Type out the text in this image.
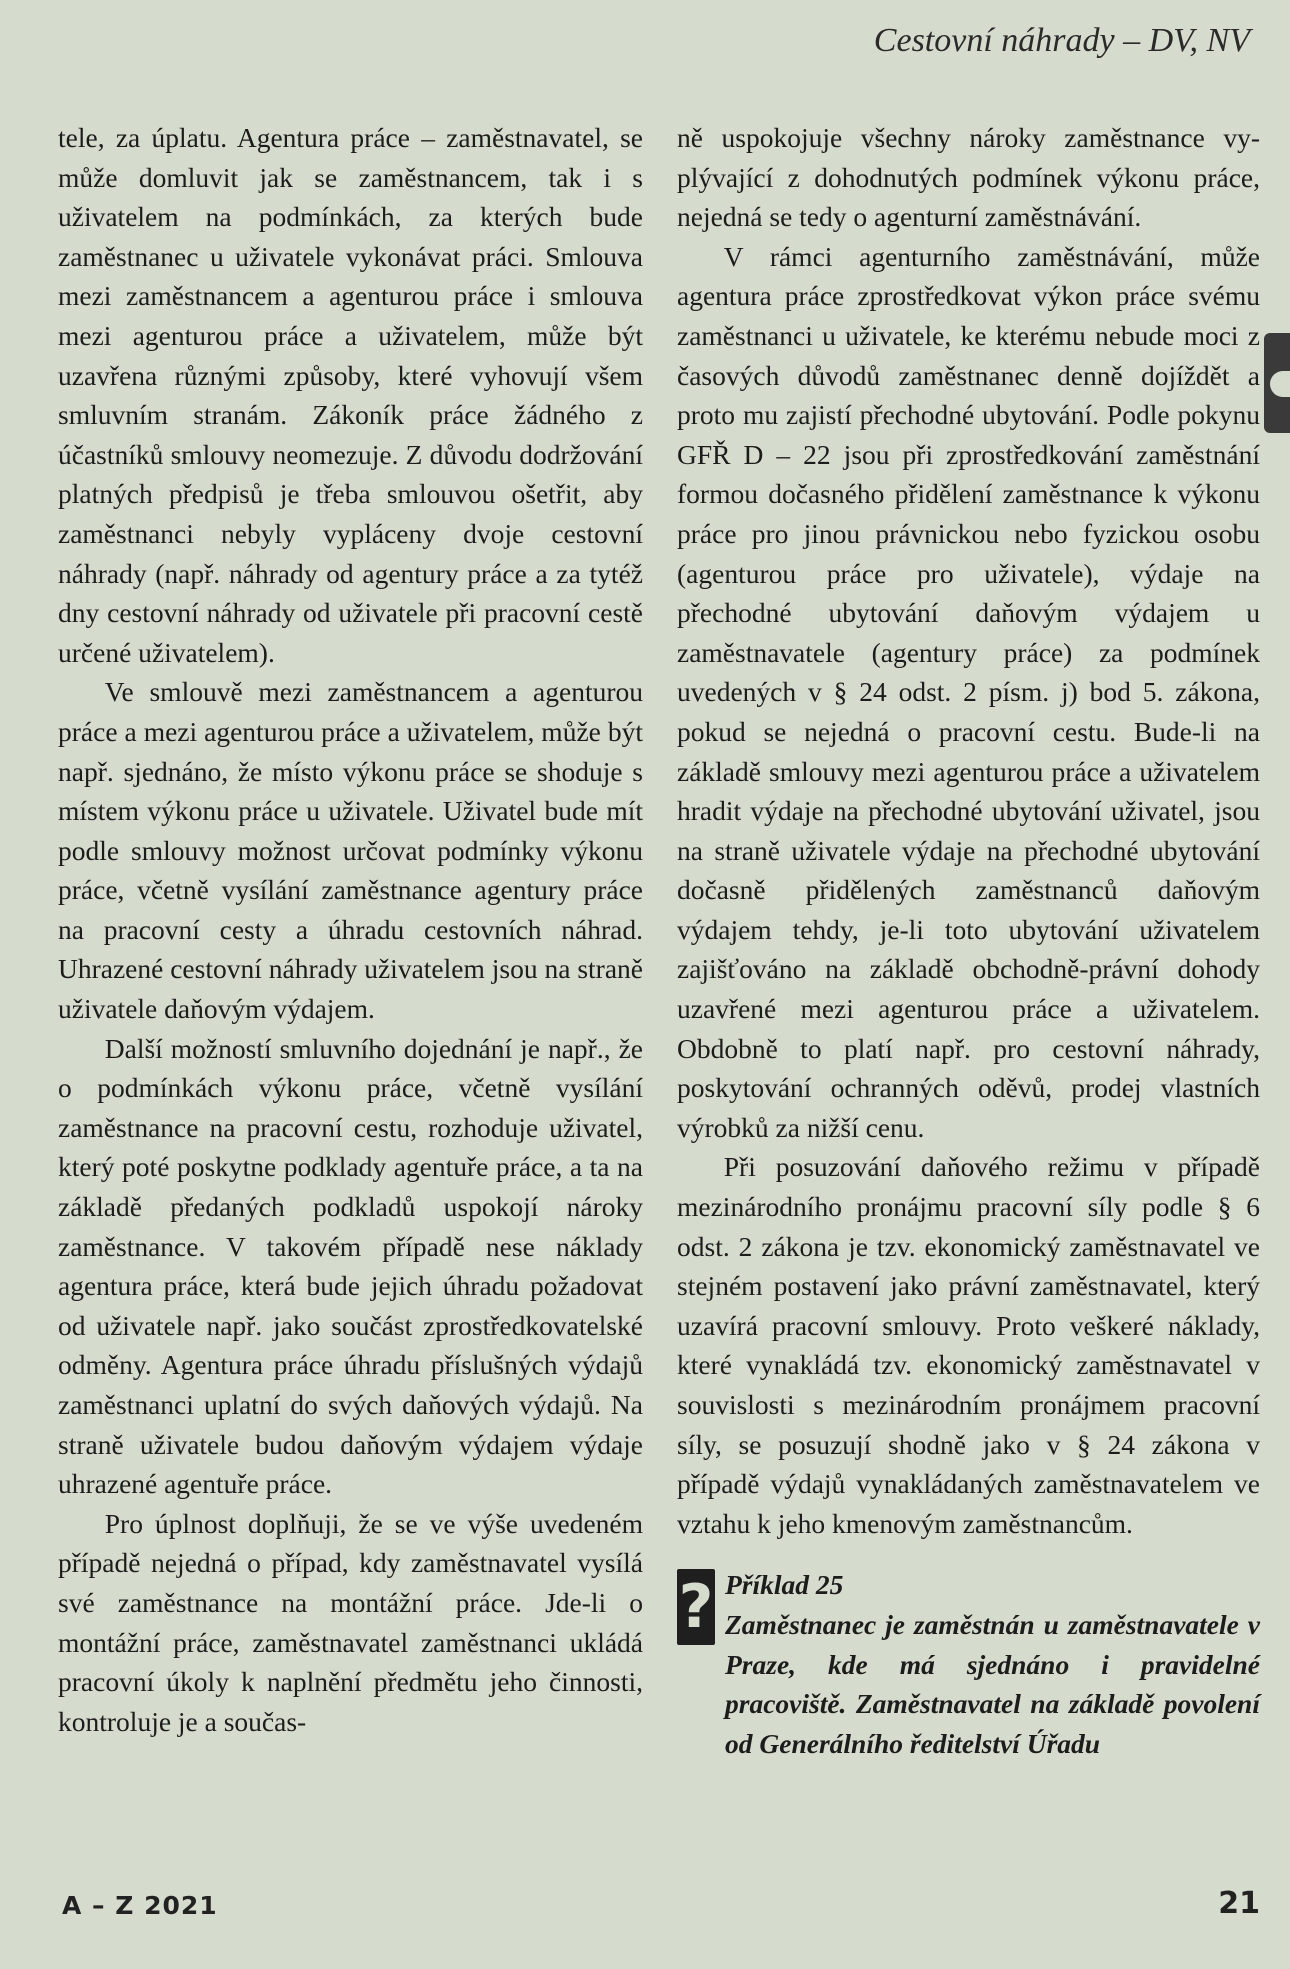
Cestovní náhrady – DV, NV

tele, za úplatu. Agentura práce – zaměstnavatel, se může domluvit jak se zaměstnancem, tak i s uživatelem na podmínkách, za kterých bude zaměstnanec u uživatele vykonávat práci. Smlouva mezi zaměstnancem a agenturou práce i smlouva mezi agenturou práce a uživatelem, může být uzavřena různými způsoby, které vyhovují všem smluvním stranám. Zákoník práce žádného z účastníků smlouvy neomezuje. Z důvodu dodržování platných předpisů je třeba smlouvou ošetřit, aby zaměstnanci nebyly vypláceny dvoje cestovní náhrady (např. náhrady od agentury práce a za tytéž dny cestovní náhrady od uživatele při pracovní cestě určené uživatelem).

Ve smlouvě mezi zaměstnancem a agenturou práce a mezi agenturou práce a uživatelem, může být např. sjednáno, že místo výkonu práce se shoduje s místem výkonu práce u uživatele. Uživatel bude mít podle smlouvy možnost určovat podmínky výkonu práce, včetně vysílání zaměstnance agentury práce na pracovní cesty a úhradu cestovních náhrad. Uhrazené cestovní náhrady uživatelem jsou na straně uživatele daňovým výdajem.

Další možností smluvního dojednání je např., že o podmínkách výkonu práce, včetně vysílání zaměstnance na pracovní cestu, rozhoduje uživatel, který poté poskytne podklady agentuře práce, a ta na základě předaných podkladů uspokojí nároky zaměstnance. V takovém případě nese náklady agentura práce, která bude jejich úhradu požadovat od uživatele např. jako součást zprostředkovatelské odměny. Agentura práce úhradu příslušných výdajů zaměstnanci uplatní do svých daňových výdajů. Na straně uživatele budou daňovým výdajem výdaje uhrazené agentuře práce.

Pro úplnost doplňuji, že se ve výše uvedeném případě nejedná o případ, kdy zaměstnavatel vysílá své zaměstnance na montážní práce. Jde-li o montážní práce, zaměstnavatel zaměstnanci ukládá pracovní úkoly k naplnění předmětu jeho činnosti, kontroluje je a součas-

ně uspokojuje všechny nároky zaměstnance vyplývající z dohodnutých podmínek výkonu práce, nejedná se tedy o agenturní zaměstnávání.

V rámci agenturního zaměstnávání, může agentura práce zprostředkovat výkon práce svému zaměstnanci u uživatele, ke kterému nebude moci z časových důvodů zaměstnanec denně dojíždět a proto mu zajistí přechodné ubytování. Podle pokynu GFŘ D – 22 jsou při zprostředkování zaměstnání formou dočasného přidělení zaměstnance k výkonu práce pro jinou právnickou nebo fyzickou osobu (agenturou práce pro uživatele), výdaje na přechodné ubytování daňovým výdajem u zaměstnavatele (agentury práce) za podmínek uvedených v § 24 odst. 2 písm. j) bod 5. zákona, pokud se nejedná o pracovní cestu. Bude-li na základě smlouvy mezi agenturou práce a uživatelem hradit výdaje na přechodné ubytování uživatel, jsou na straně uživatele výdaje na přechodné ubytování dočasně přidělených zaměstnanců daňovým výdajem tehdy, je-li toto ubytování uživatelem zajišťováno na základě obchodně-právní dohody uzavřené mezi agenturou práce a uživatelem. Obdobně to platí např. pro cestovní náhrady, poskytování ochranných oděvů, prodej vlastních výrobků za nižší cenu.

Při posuzování daňového režimu v případě mezinárodního pronájmu pracovní síly podle § 6 odst. 2 zákona je tzv. ekonomický zaměstnavatel ve stejném postavení jako právní zaměstnavatel, který uzavírá pracovní smlouvy. Proto veškeré náklady, které vynakládá tzv. ekonomický zaměstnavatel v souvislosti s mezinárodním pronájmem pracovní síly, se posuzují shodně jako v § 24 zákona v případě výdajů vynakládaných zaměstnavatelem ve vztahu k jeho kmenovým zaměstnancům.

? Příklad 25
Zaměstnanec je zaměstnán u zaměstnavatele v Praze, kde má sjednáno i pravidelné pracoviště. Zaměstnavatel na základě povolení od Generálního ředitelství Úřadu
A – Z 2021	21
